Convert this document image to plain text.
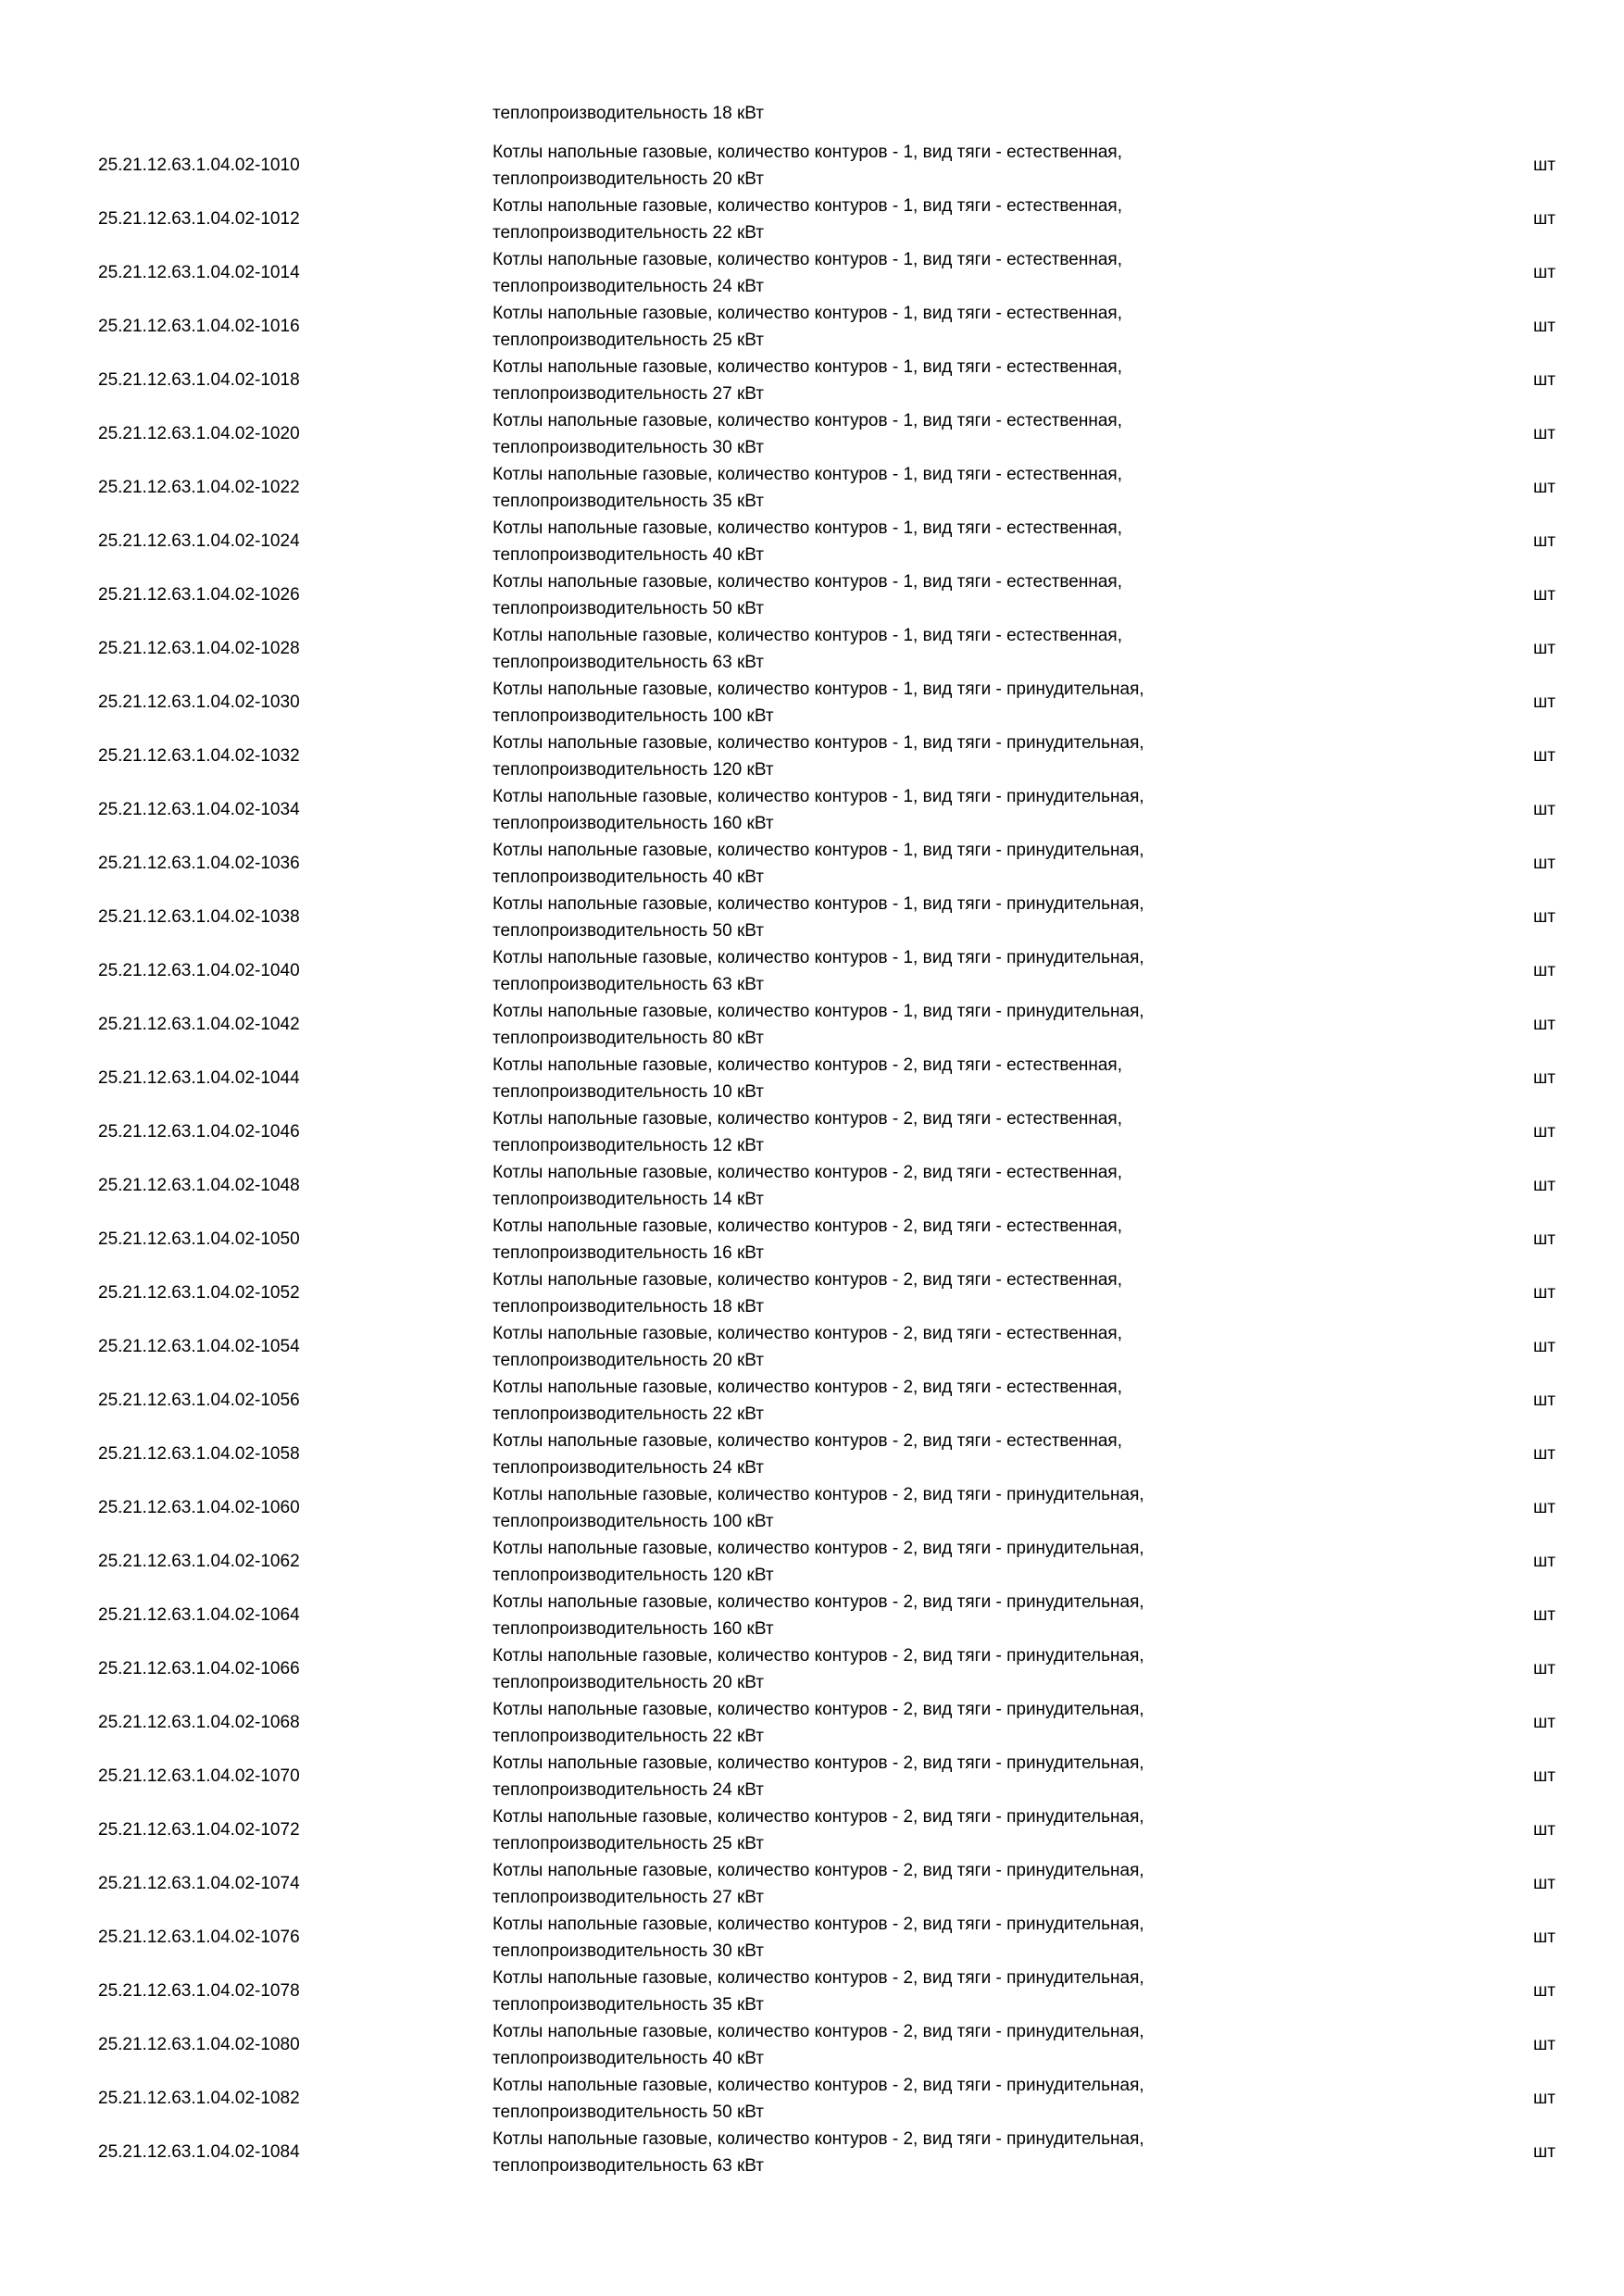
теплопроизводительность 18 кВт
25.21.12.63.1.04.02-1010
Котлы напольные газовые, количество контуров - 1, вид тяги - естественная,
теплопроизводительность 20 кВт
шт
25.21.12.63.1.04.02-1012
Котлы напольные газовые, количество контуров - 1, вид тяги - естественная,
теплопроизводительность 22 кВт
шт
25.21.12.63.1.04.02-1014
Котлы напольные газовые, количество контуров - 1, вид тяги - естественная,
теплопроизводительность 24 кВт
шт
25.21.12.63.1.04.02-1016
Котлы напольные газовые, количество контуров - 1, вид тяги - естественная,
теплопроизводительность 25 кВт
шт
25.21.12.63.1.04.02-1018
Котлы напольные газовые, количество контуров - 1, вид тяги - естественная,
теплопроизводительность 27 кВт
шт
25.21.12.63.1.04.02-1020
Котлы напольные газовые, количество контуров - 1, вид тяги - естественная,
теплопроизводительность 30 кВт
шт
25.21.12.63.1.04.02-1022
Котлы напольные газовые, количество контуров - 1, вид тяги - естественная,
теплопроизводительность 35 кВт
шт
25.21.12.63.1.04.02-1024
Котлы напольные газовые, количество контуров - 1, вид тяги - естественная,
теплопроизводительность 40 кВт
шт
25.21.12.63.1.04.02-1026
Котлы напольные газовые, количество контуров - 1, вид тяги - естественная,
теплопроизводительность 50 кВт
шт
25.21.12.63.1.04.02-1028
Котлы напольные газовые, количество контуров - 1, вид тяги - естественная,
теплопроизводительность 63 кВт
шт
25.21.12.63.1.04.02-1030
Котлы напольные газовые, количество контуров - 1, вид тяги - принудительная,
теплопроизводительность 100 кВт
шт
25.21.12.63.1.04.02-1032
Котлы напольные газовые, количество контуров - 1, вид тяги - принудительная,
теплопроизводительность 120 кВт
шт
25.21.12.63.1.04.02-1034
Котлы напольные газовые, количество контуров - 1, вид тяги - принудительная,
теплопроизводительность 160 кВт
шт
25.21.12.63.1.04.02-1036
Котлы напольные газовые, количество контуров - 1, вид тяги - принудительная,
теплопроизводительность 40 кВт
шт
25.21.12.63.1.04.02-1038
Котлы напольные газовые, количество контуров - 1, вид тяги - принудительная,
теплопроизводительность 50 кВт
шт
25.21.12.63.1.04.02-1040
Котлы напольные газовые, количество контуров - 1, вид тяги - принудительная,
теплопроизводительность 63 кВт
шт
25.21.12.63.1.04.02-1042
Котлы напольные газовые, количество контуров - 1, вид тяги - принудительная,
теплопроизводительность 80 кВт
шт
25.21.12.63.1.04.02-1044
Котлы напольные газовые, количество контуров - 2, вид тяги - естественная,
теплопроизводительность 10 кВт
шт
25.21.12.63.1.04.02-1046
Котлы напольные газовые, количество контуров - 2, вид тяги - естественная,
теплопроизводительность 12 кВт
шт
25.21.12.63.1.04.02-1048
Котлы напольные газовые, количество контуров - 2, вид тяги - естественная,
теплопроизводительность 14 кВт
шт
25.21.12.63.1.04.02-1050
Котлы напольные газовые, количество контуров - 2, вид тяги - естественная,
теплопроизводительность 16 кВт
шт
25.21.12.63.1.04.02-1052
Котлы напольные газовые, количество контуров - 2, вид тяги - естественная,
теплопроизводительность 18 кВт
шт
25.21.12.63.1.04.02-1054
Котлы напольные газовые, количество контуров - 2, вид тяги - естественная,
теплопроизводительность 20 кВт
шт
25.21.12.63.1.04.02-1056
Котлы напольные газовые, количество контуров - 2, вид тяги - естественная,
теплопроизводительность 22 кВт
шт
25.21.12.63.1.04.02-1058
Котлы напольные газовые, количество контуров - 2, вид тяги - естественная,
теплопроизводительность 24 кВт
шт
25.21.12.63.1.04.02-1060
Котлы напольные газовые, количество контуров - 2, вид тяги - принудительная,
теплопроизводительность 100 кВт
шт
25.21.12.63.1.04.02-1062
Котлы напольные газовые, количество контуров - 2, вид тяги - принудительная,
теплопроизводительность 120 кВт
шт
25.21.12.63.1.04.02-1064
Котлы напольные газовые, количество контуров - 2, вид тяги - принудительная,
теплопроизводительность 160 кВт
шт
25.21.12.63.1.04.02-1066
Котлы напольные газовые, количество контуров - 2, вид тяги - принудительная,
теплопроизводительность 20 кВт
шт
25.21.12.63.1.04.02-1068
Котлы напольные газовые, количество контуров - 2, вид тяги - принудительная,
теплопроизводительность 22 кВт
шт
25.21.12.63.1.04.02-1070
Котлы напольные газовые, количество контуров - 2, вид тяги - принудительная,
теплопроизводительность 24 кВт
шт
25.21.12.63.1.04.02-1072
Котлы напольные газовые, количество контуров - 2, вид тяги - принудительная,
теплопроизводительность 25 кВт
шт
25.21.12.63.1.04.02-1074
Котлы напольные газовые, количество контуров - 2, вид тяги - принудительная,
теплопроизводительность 27 кВт
шт
25.21.12.63.1.04.02-1076
Котлы напольные газовые, количество контуров - 2, вид тяги - принудительная,
теплопроизводительность 30 кВт
шт
25.21.12.63.1.04.02-1078
Котлы напольные газовые, количество контуров - 2, вид тяги - принудительная,
теплопроизводительность 35 кВт
шт
25.21.12.63.1.04.02-1080
Котлы напольные газовые, количество контуров - 2, вид тяги - принудительная,
теплопроизводительность 40 кВт
шт
25.21.12.63.1.04.02-1082
Котлы напольные газовые, количество контуров - 2, вид тяги - принудительная,
теплопроизводительность 50 кВт
шт
25.21.12.63.1.04.02-1084
Котлы напольные газовые, количество контуров - 2, вид тяги - принудительная,
теплопроизводительность 63 кВт
шт
